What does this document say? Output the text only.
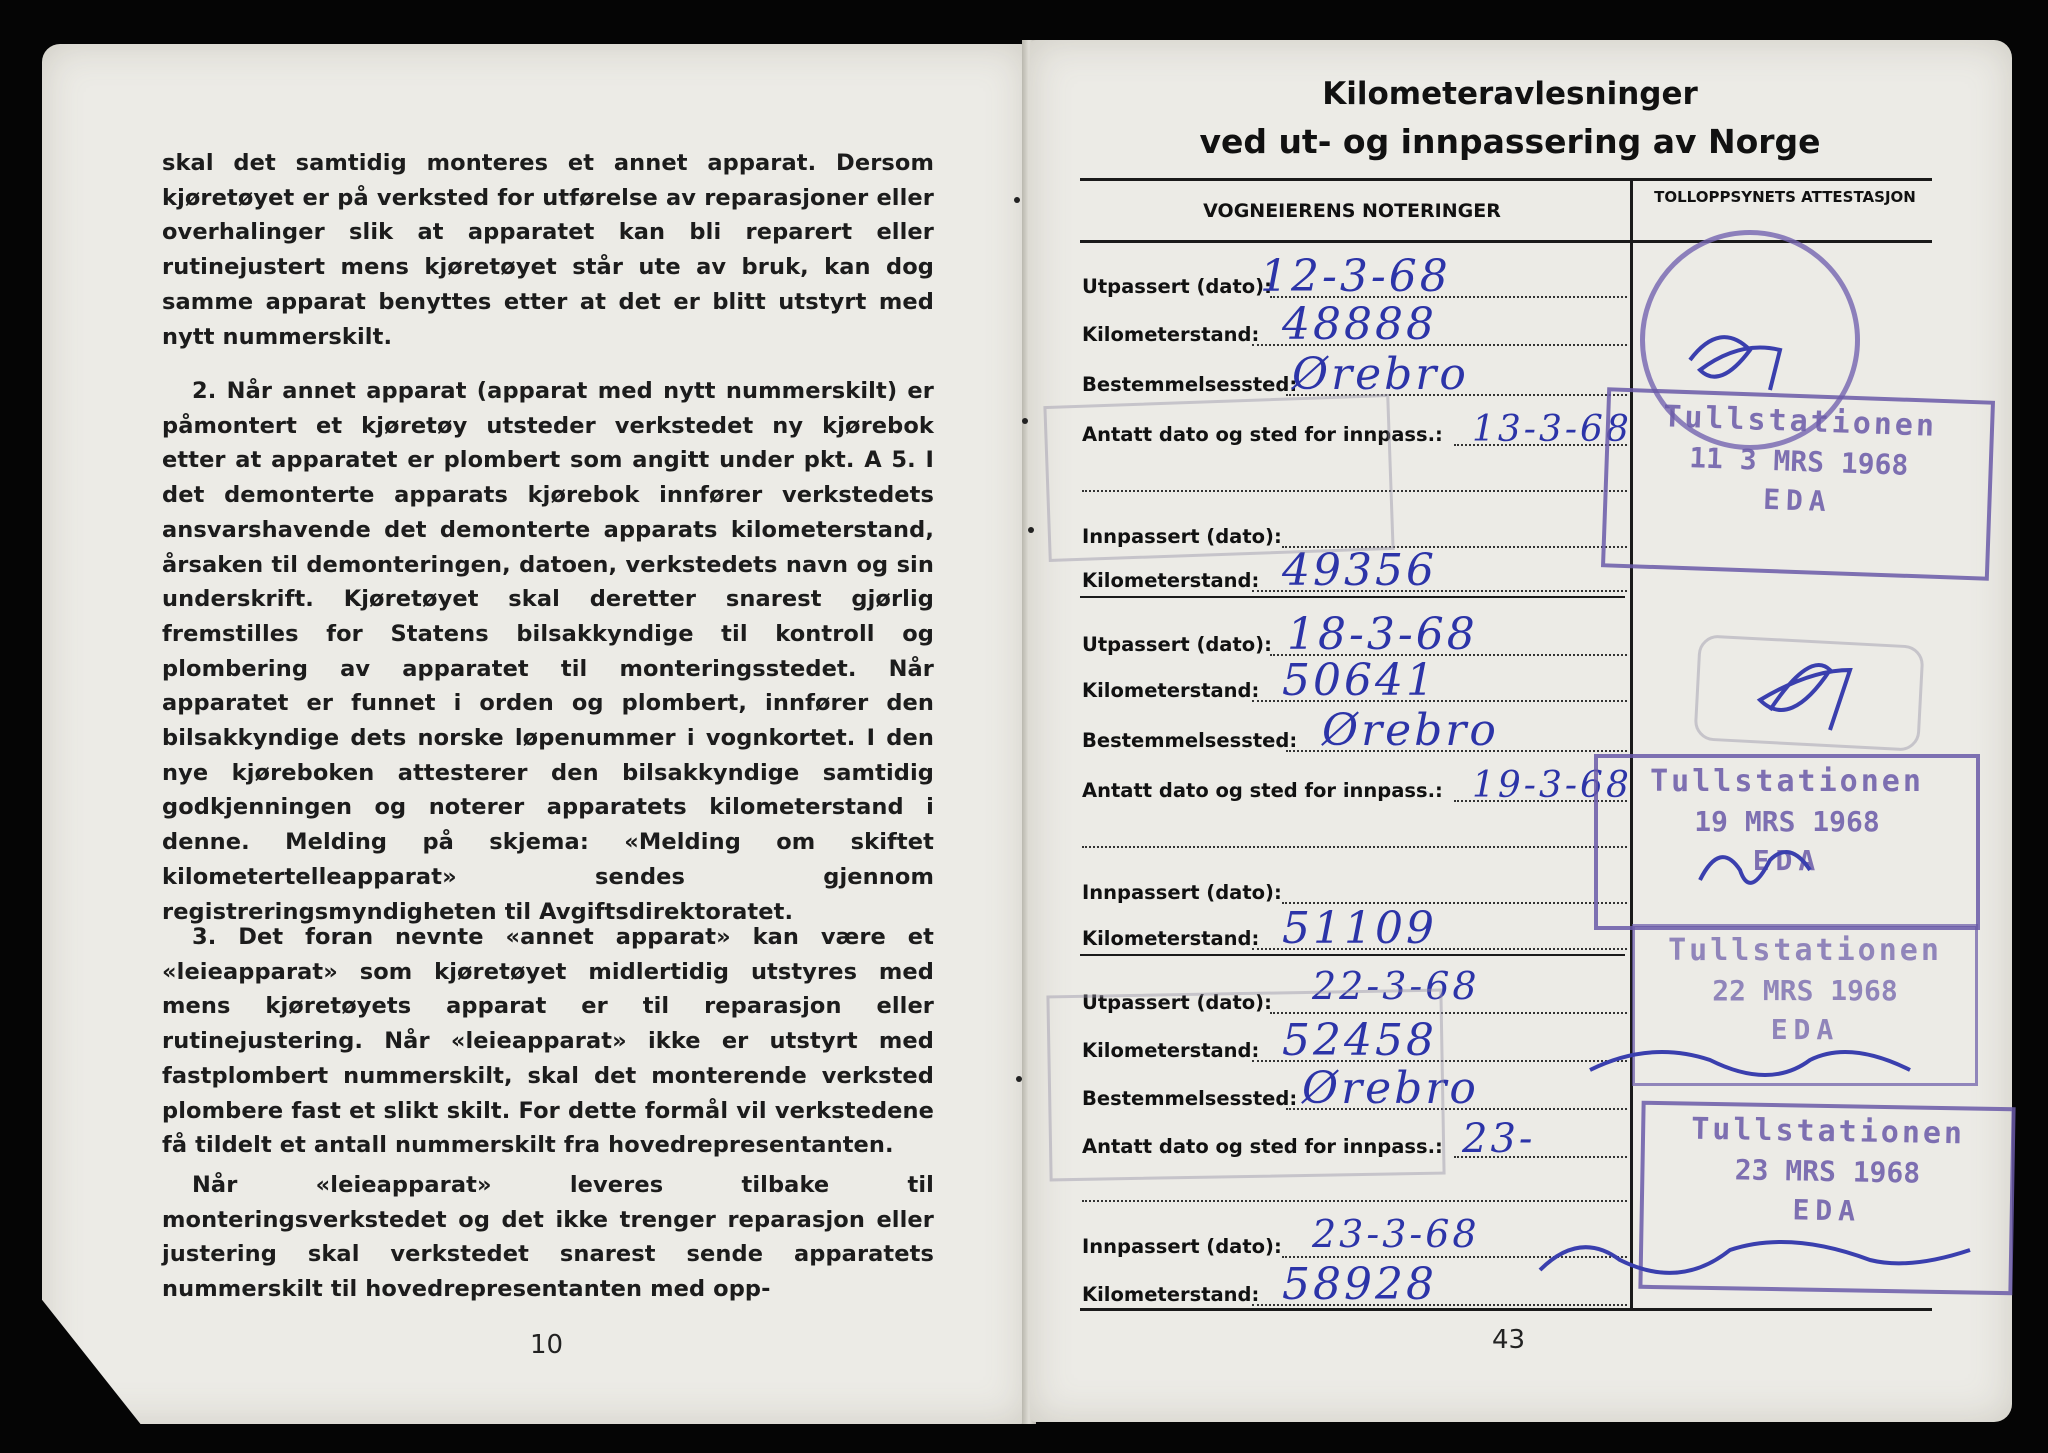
skal det samtidig monteres et annet apparat. Dersom kjøretøyet er på verksted for utførelse av reparasjoner eller overhalinger slik at apparatet kan bli reparert eller rutinejustert mens kjøretøyet står ute av bruk, kan dog samme apparat benyttes etter at det er blitt utstyrt med nytt nummerskilt.

2. Når annet apparat (apparat med nytt nummerskilt) er påmontert et kjøretøy utsteder verkstedet ny kjørebok etter at apparatet er plombert som angitt under pkt. A 5. I det demonterte apparats kjørebok innfører verkstedets ansvarshavende det demonterte apparats kilometerstand, årsaken til demonteringen, datoen, verkstedets navn og sin underskrift. Kjøretøyet skal deretter snarest gjørlig fremstilles for Statens bilsakkyndige til kontroll og plombering av apparatet til monteringsstedet. Når apparatet er funnet i orden og plombert, innfører den bilsakkyndige dets norske løpenummer i vognkortet. I den nye kjøreboken attesterer den bilsakkyndige samtidig godkjenningen og noterer apparatets kilometerstand i denne. Melding på skjema: «Melding om skiftet kilometertelleapparat» sendes gjennom registreringsmyndigheten til Avgiftsdirektoratet.

3. Det foran nevnte «annet apparat» kan være et «leieapparat» som kjøretøyet midlertidig utstyres med mens kjøretøyets apparat er til reparasjon eller rutinejustering. Når «leieapparat» ikke er utstyrt med fastplombert nummerskilt, skal det monterende verksted plombere fast et slikt skilt. For dette formål vil verkstedene få tildelt et antall nummerskilt fra hovedrepresentanten.

Når «leieapparat» leveres tilbake til monteringsverkstedet og det ikke trenger reparasjon eller justering skal verkstedet snarest sende apparatets nummerskilt til hovedrepresentanten med opp-

10
Kilometeravlesninger
ved ut- og innpassering av Norge
VOGNEIERENS NOTERINGER
TOLLOPPSYNETS ATTESTASJON
Utpassert (dato):
12-3-68
Kilometerstand: 48888
Bestemmelsessted:
Ørebro
Antatt dato og sted for innpass.: 13-3-68
Innpassert (dato):
Kilometerstand: 49356
Utpassert (dato): 18-3-68
Kilometerstand: 50641
Bestemmelsessted: Ørebro
Antatt dato og sted for innpass.: 19-3-68
Innpassert (dato):
Kilometerstand: 51109
Utpassert (dato): 22-3-68
Kilometerstand: 52458
Bestemmelsessted: Ørebro
Antatt dato og sted for innpass.: 23-
Innpassert (dato): 23-3-68
Kilometerstand: 58928
Tullstationen
11 3 MRS 1968
EDA
Tullstationen
19 MRS 1968
EDA
Tullstationen
22 MRS 1968
EDA
Tullstationen
23 MRS 1968
EDA
43
